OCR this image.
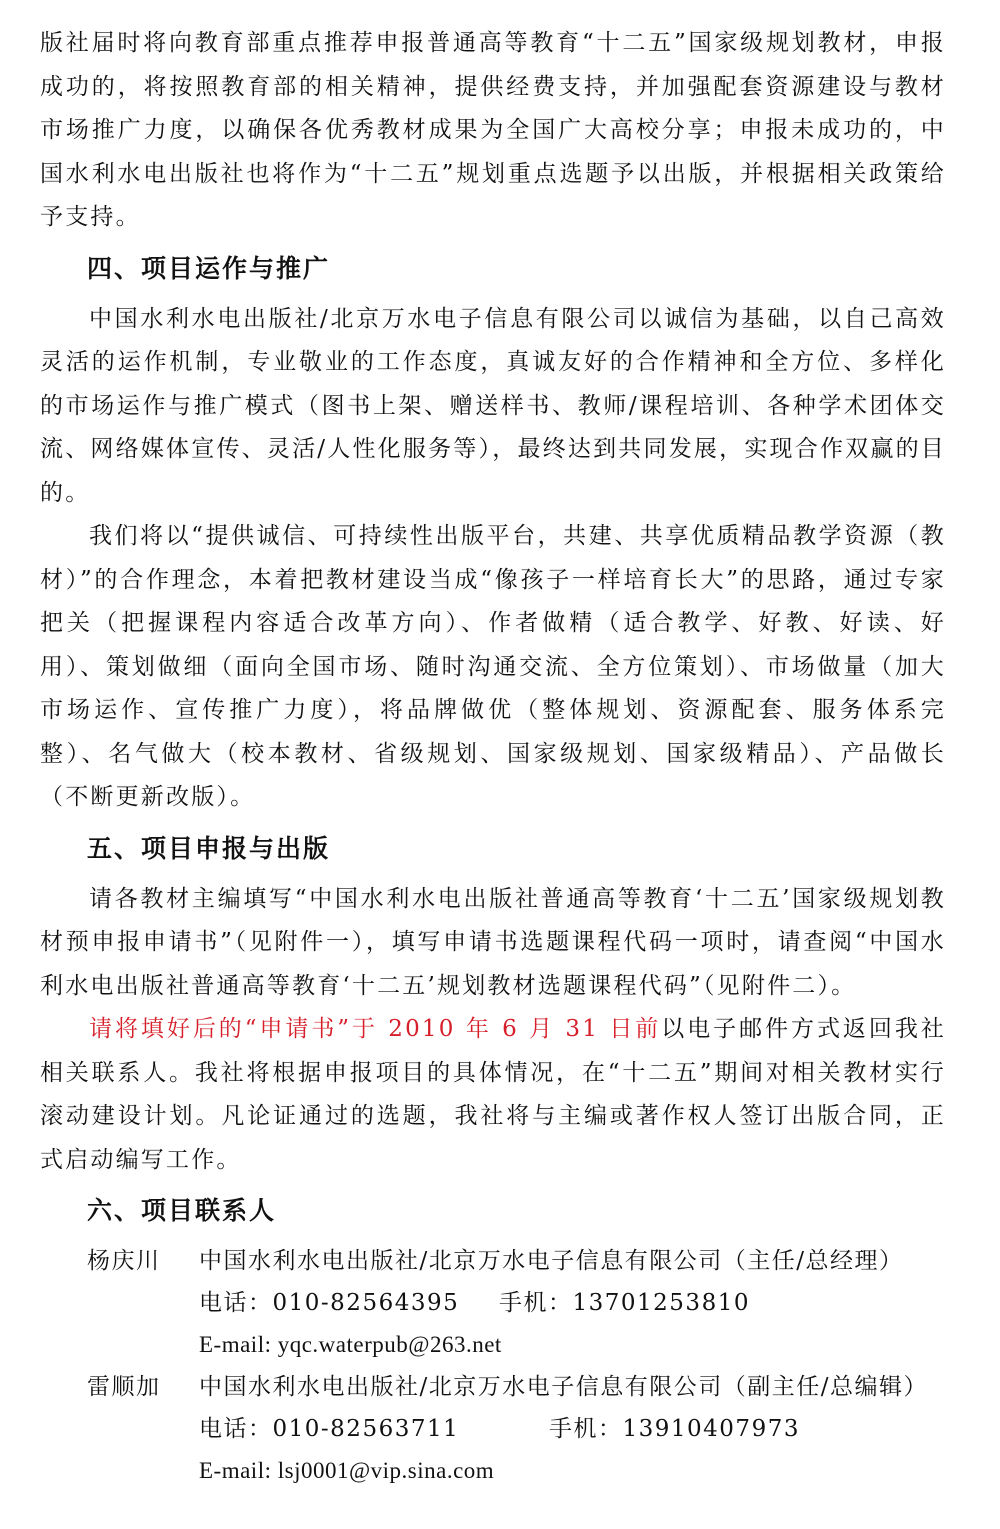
版社届时将向教育部重点推荐申报普通高等教育“十二五”国家级规划教材，申报成功的，将按照教育部的相关精神，提供经费支持，并加强配套资源建设与教材市场推广力度，以确保各优秀教材成果为全国广大高校分享；申报未成功的，中国水利水电出版社也将作为“十二五”规划重点选题予以出版，并根据相关政策给予支持。

四、项目运作与推广

中国水利水电出版社/北京万水电子信息有限公司以诚信为基础，以自己高效灵活的运作机制，专业敬业的工作态度，真诚友好的合作精神和全方位、多样化的市场运作与推广模式（图书上架、赠送样书、教师/课程培训、各种学术团体交流、网络媒体宣传、灵活/人性化服务等），最终达到共同发展，实现合作双赢的目的。

我们将以“提供诚信、可持续性出版平台，共建、共享优质精品教学资源（教材）”的合作理念，本着把教材建设当成“像孩子一样培育长大”的思路，通过专家把关（把握课程内容适合改革方向）、作者做精（适合教学、好教、好读、好用）、策划做细（面向全国市场、随时沟通交流、全方位策划）、市场做量（加大市场运作、宣传推广力度），将品牌做优（整体规划、资源配套、服务体系完整）、名气做大（校本教材、省级规划、国家级规划、国家级精品）、产品做长（不断更新改版）。

五、项目申报与出版

请各教材主编填写“中国水利水电出版社普通高等教育‘十二五’国家级规划教材预申报申请书”（见附件一），填写申请书选题课程代码一项时，请查阅“中国水利水电出版社普通高等教育‘十二五’规划教材选题课程代码”（见附件二）。

请将填好后的“申请书”于 2010 年 6 月 31 日前以电子邮件方式返回我社相关联系人。我社将根据申报项目的具体情况，在“十二五”期间对相关教材实行滚动建设计划。凡论证通过的选题，我社将与主编或著作权人签订出版合同，正式启动编写工作。

六、项目联系人
杨庆川	中国水利水电出版社/北京万水电子信息有限公司（主任/总经理）
电话：010-82564395	手机：13701253810
E-mail: yqc.waterpub@263.net
雷顺加	中国水利水电出版社/北京万水电子信息有限公司（副主任/总编辑）
电话：010-82563711	手机：13910407973
E-mail: lsj0001@vip.sina.com
